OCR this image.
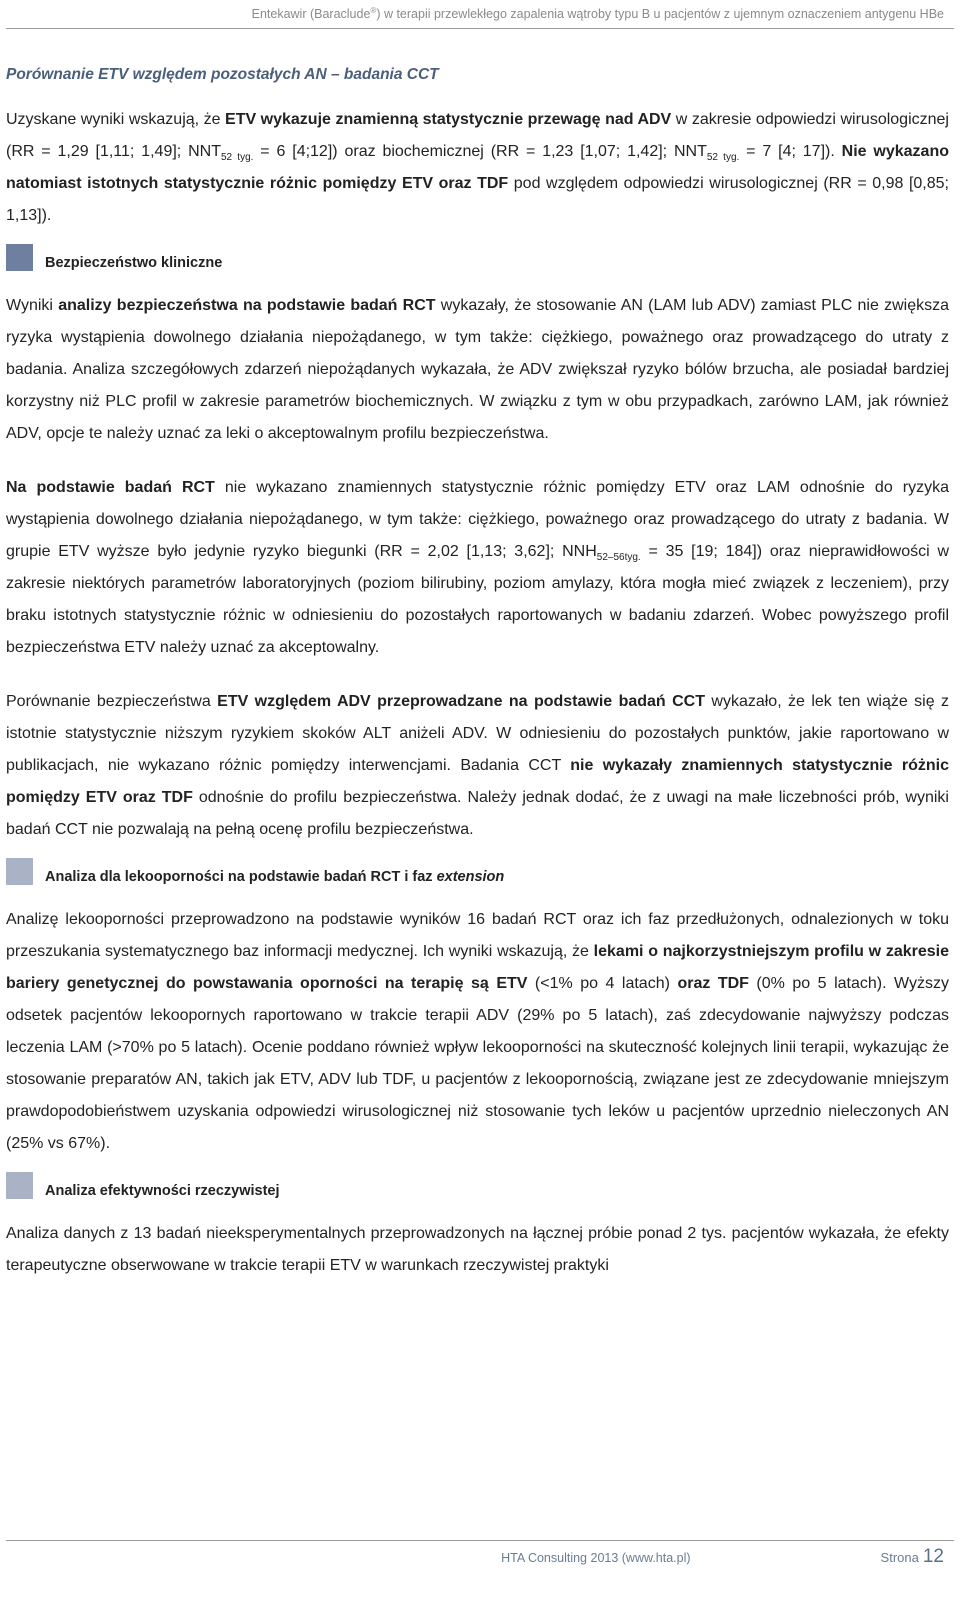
Entekawir (Baraclude®) w terapii przewlekłego zapalenia wątroby typu B u pacjentów z ujemnym oznaczeniem antygenu HBe
Porównanie ETV względem pozostałych AN – badania CCT

Uzyskane wyniki wskazują, że ETV wykazuje znamienną statystycznie przewagę nad ADV w zakresie odpowiedzi wirusologicznej (RR = 1,29 [1,11; 1,49]; $NNT_{52 tyg.} = 6$ [4;12]) oraz biochemicznej (RR = 1,23 [1,07; 1,42]; $NNT_{52 tyg.} = 7$ [4; 17]). Nie wykazano natomiast istotnych statystycznie różnic pomiędzy ETV oraz TDF pod względem odpowiedzi wirusologicznej (RR = 0,98 [0,85; 1,13]).

Bezpieczeństwo kliniczne

Wyniki analizy bezpieczeństwa na podstawie badań RCT wykazały, że stosowanie AN (LAM lub ADV) zamiast PLC nie zwiększa ryzyka wystąpienia dowolnego działania niepożądanego, w tym także: ciężkiego, poważnego oraz prowadzącego do utraty z badania. Analiza szczegółowych zdarzeń niepożądanych wykazała, że ADV zwiększał ryzyko bólów brzucha, ale posiadał bardziej korzystny niż PLC profil w zakresie parametrów biochemicznych. W związku z tym w obu przypadkach, zarówno LAM, jak również ADV, opcje te należy uznać za leki o akceptowalnym profilu bezpieczeństwa.

Na podstawie badań RCT nie wykazano znamiennych statystycznie różnic pomiędzy ETV oraz LAM odnośnie do ryzyka wystąpienia dowolnego działania niepożądanego, w tym także: ciężkiego, poważnego oraz prowadzącego do utraty z badania. W grupie ETV wyższe było jedynie ryzyko biegunki (RR = 2,02 [1,13; 3,62]; $NNH_{52-56tyg.} = 35$ [19; 184]) oraz nieprawidłowości w zakresie niektórych parametrów laboratoryjnych (poziom bilirubiny, poziom amylazy, która mogła mieć związek z leczeniem), przy braku istotnych statystycznie różnic w odniesieniu do pozostałych raportowanych w badaniu zdarzeń. Wobec powyższego profil bezpieczeństwa ETV należy uznać za akceptowalny.

Porównanie bezpieczeństwa ETV względem ADV przeprowadzane na podstawie badań CCT wykazało, że lek ten wiąże się z istotnie statystycznie niższym ryzykiem skoków ALT aniżeli ADV. W odniesieniu do pozostałych punktów, jakie raportowano w publikacjach, nie wykazano różnic pomiędzy interwencjami. Badania CCT nie wykazały znamiennych statystycznie różnic pomiędzy ETV oraz TDF odnośnie do profilu bezpieczeństwa. Należy jednak dodać, że z uwagi na małe liczebności prób, wyniki badań CCT nie pozwalają na pełną ocenę profilu bezpieczeństwa.

Analiza dla lekooporności na podstawie badań RCT i faz extension

Analizę lekooporności przeprowadzono na podstawie wyników 16 badań RCT oraz ich faz przedłużonych, odnalezionych w toku przeszukania systematycznego baz informacji medycznej. Ich wyniki wskazują, że lekami o najkorzystniejszym profilu w zakresie bariery genetycznej do powstawania oporności na terapię są ETV (<1% po 4 latach) oraz TDF (0% po 5 latach). Wyższy odsetek pacjentów lekoopornych raportowano w trakcie terapii ADV (29% po 5 latach), zaś zdecydowanie najwyższy podczas leczenia LAM (>70% po 5 latach). Ocenie poddano również wpływ lekooporności na skuteczność kolejnych linii terapii, wykazując że stosowanie preparatów AN, takich jak ETV, ADV lub TDF, u pacjentów z lekoopornością, związane jest ze zdecydowanie mniejszym prawdopodobieństwem uzyskania odpowiedzi wirusologicznej niż stosowanie tych leków u pacjentów uprzednio nieleczonych AN (25% vs 67%).

Analiza efektywności rzeczywistej

Analiza danych z 13 badań nieeksperymentalnych przeprowadzonych na łącznej próbie ponad 2 tys. pacjentów wykazała, że efekty terapeutyczne obserwowane w trakcie terapii ETV w warunkach rzeczywistej praktyki

HTA Consulting 2013 (www.hta.pl)	Strona 12
